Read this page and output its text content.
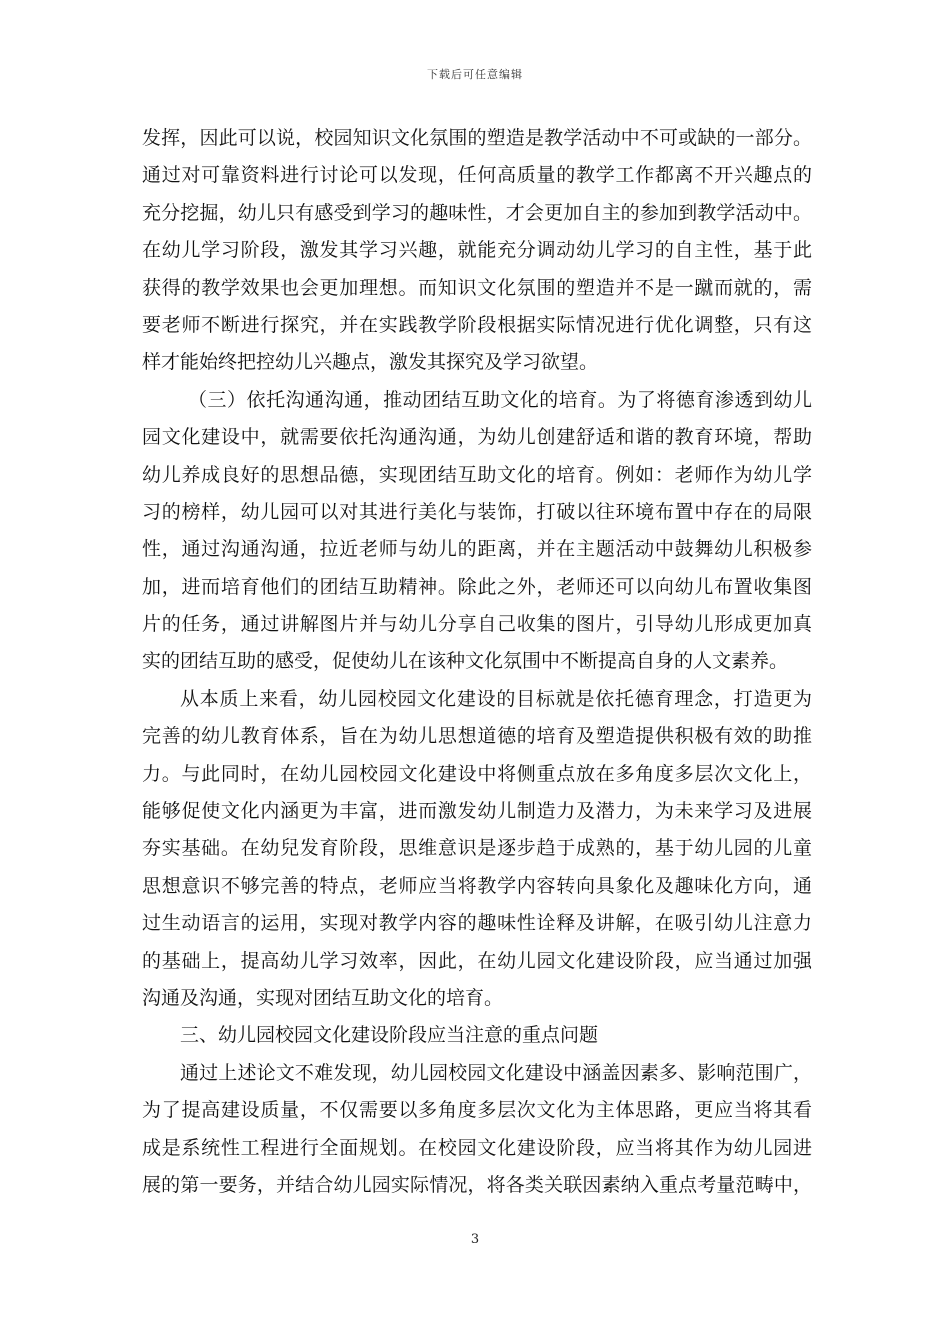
下载后可任意编辑
发挥，因此可以说，校园知识文化氛围的塑造是教学活动中不可或缺的一部分。
通过对可靠资料进行讨论可以发现，任何高质量的教学工作都离不开兴趣点的
充分挖掘，幼儿只有感受到学习的趣味性，才会更加自主的参加到教学活动中。
在幼儿学习阶段，激发其学习兴趣，就能充分调动幼儿学习的自主性，基于此
获得的教学效果也会更加理想。而知识文化氛围的塑造并不是一蹴而就的，需
要老师不断进行探究，并在实践教学阶段根据实际情况进行优化调整，只有这
样才能始终把控幼儿兴趣点，激发其探究及学习欲望。
（三）依托沟通沟通，推动团结互助文化的培育。为了将德育渗透到幼儿
园文化建设中，就需要依托沟通沟通，为幼儿创建舒适和谐的教育环境，帮助
幼儿养成良好的思想品德，实现团结互助文化的培育。例如：老师作为幼儿学
习的榜样，幼儿园可以对其进行美化与装饰，打破以往环境布置中存在的局限
性，通过沟通沟通，拉近老师与幼儿的距离，并在主题活动中鼓舞幼儿积极参
加，进而培育他们的团结互助精神。除此之外，老师还可以向幼儿布置收集图
片的任务，通过讲解图片并与幼儿分享自己收集的图片，引导幼儿形成更加真
实的团结互助的感受，促使幼儿在该种文化氛围中不断提高自身的人文素养。
从本质上来看，幼儿园校园文化建设的目标就是依托德育理念，打造更为
完善的幼儿教育体系，旨在为幼儿思想道德的培育及塑造提供积极有效的助推
力。与此同时，在幼儿园校园文化建设中将侧重点放在多角度多层次文化上，
能够促使文化内涵更为丰富，进而激发幼儿制造力及潜力，为未来学习及进展
夯实基础。在幼兒发育阶段，思维意识是逐步趋于成熟的，基于幼儿园的儿童
思想意识不够完善的特点，老师应当将教学内容转向具象化及趣味化方向，通
过生动语言的运用，实现对教学内容的趣味性诠释及讲解，在吸引幼儿注意力
的基础上，提高幼儿学习效率，因此，在幼儿园文化建设阶段，应当通过加强
沟通及沟通，实现对团结互助文化的培育。
三、幼儿园校园文化建设阶段应当注意的重点问题
通过上述论文不难发现，幼儿园校园文化建设中涵盖因素多、影响范围广，
为了提高建设质量，不仅需要以多角度多层次文化为主体思路，更应当将其看
成是系统性工程进行全面规划。在校园文化建设阶段，应当将其作为幼儿园进
展的第一要务，并结合幼儿园实际情况，将各类关联因素纳入重点考量范畴中，
3
